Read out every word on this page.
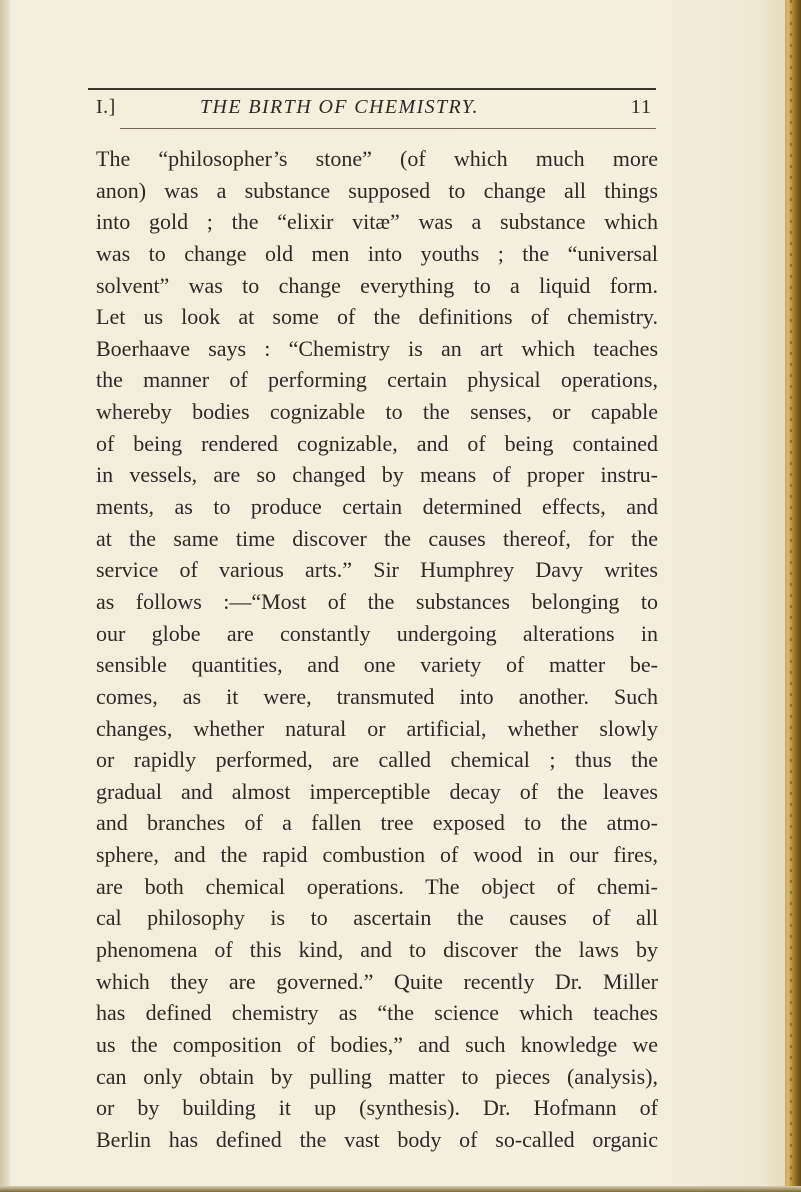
I.]	THE BIRTH OF CHEMISTRY.	11
The “philosopher’s stone” (of which much more
anon) was a substance supposed to change all things
into gold ; the “elixir vitæ” was a substance which
was to change old men into youths ; the “universal
solvent” was to change everything to a liquid form.
Let us look at some of the definitions of chemistry.
Boerhaave says : “Chemistry is an art which teaches
the manner of performing certain physical operations,
whereby bodies cognizable to the senses, or capable
of being rendered cognizable, and of being contained
in vessels, are so changed by means of proper instru-
ments, as to produce certain determined effects, and
at the same time discover the causes thereof, for the
service of various arts.” Sir Humphrey Davy writes
as follows :—“Most of the substances belonging to
our globe are constantly undergoing alterations in
sensible quantities, and one variety of matter be-
comes, as it were, transmuted into another. Such
changes, whether natural or artificial, whether slowly
or rapidly performed, are called chemical ; thus the
gradual and almost imperceptible decay of the leaves
and branches of a fallen tree exposed to the atmo-
sphere, and the rapid combustion of wood in our fires,
are both chemical operations. The object of chemi-
cal philosophy is to ascertain the causes of all
phenomena of this kind, and to discover the laws by
which they are governed.” Quite recently Dr. Miller
has defined chemistry as “the science which teaches
us the composition of bodies,” and such knowledge we
can only obtain by pulling matter to pieces (analysis),
or by building it up (synthesis). Dr. Hofmann of
Berlin has defined the vast body of so-called organic
